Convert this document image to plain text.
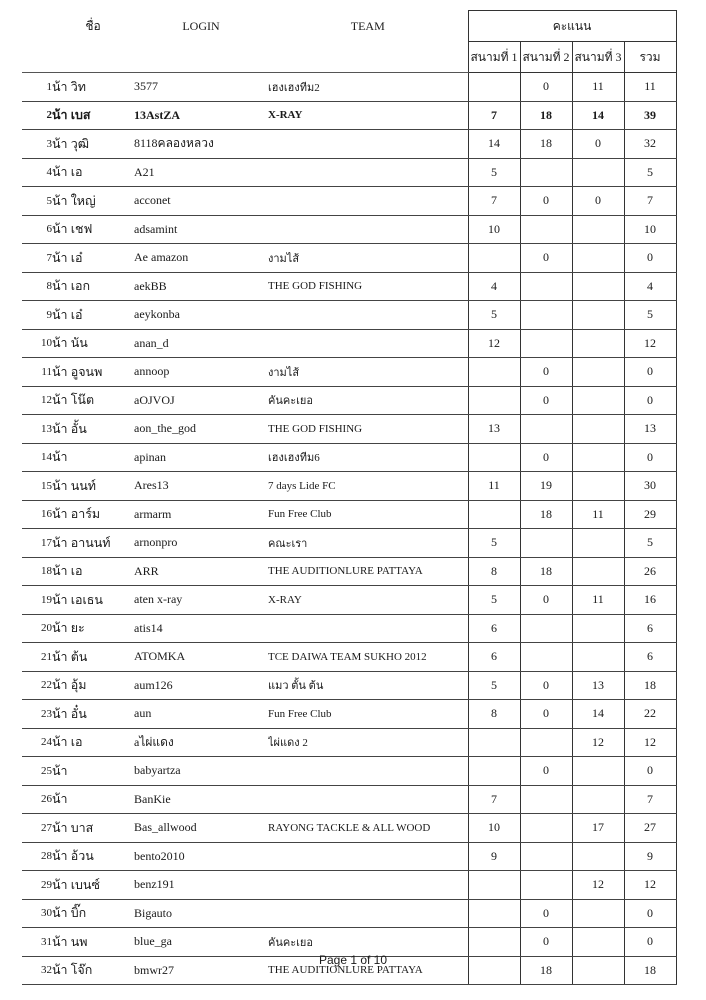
	ชื่อ	LOGIN	TEAM	คะแนน			
				สนามที่ 1	สนามที่ 2	สนามที่ 3	รวม
1	น้า วิท	3577	เฮงเฮงทีม2		0	11	11
2	น้า เบส	13AstZA	X-RAY	7	18	14	39
3	น้า วุฒิ	8118คลองหลวง		14	18	0	32
4	น้า เอ	A21		5			5
5	น้า ใหญ่	acconet		7	0	0	7
6	น้า เชฟ	adsamint		10			10
7	น้า เอ๋	Ae amazon	งามไส้		0		0
8	น้า เอก	aekBB	THE GOD FISHING	4			4
9	น้า เอ๋	aeykonba		5			5
10	น้า นัน	anan_d		12			12
11	น้า อูจนพ	annoop	งามไส้		0		0
12	น้า โน๊ต	aOJVOJ	คันคะเยอ		0		0
13	น้า อั้น	aon_the_god	THE GOD FISHING	13			13
14	น้า	apinan	เฮงเฮงทีม6		0		0
15	น้า นนท์	Ares13	7 days Lide FC	11	19		30
16	น้า อาร์ม	armarm	Fun Free Club		18	11	29
17	น้า อานนท์	arnonpro	คณะเรา	5			5
18	น้า เอ	ARR	THE AUDITIONLURE PATTAYA	8	18		26
19	น้า เอเธน	aten x-ray	X-RAY	5	0	11	16
20	น้า ยะ	atis14		6			6
21	น้า ต้น	ATOMKA	TCE DAIWA TEAM SUKHO 2012	6			6
22	น้า อุ้ม	aum126	แมว ตั้น ต้น	5	0	13	18
23	น้า อั๋น	aun	Fun Free Club	8	0	14	22
24	น้า เอ	aไผ่แดง	ไผ่แดง 2			12	12
25	น้า	babyartza			0		0
26	น้า	BanKie		7			7
27	น้า บาส	Bas_allwood	RAYONG TACKLE & ALL WOOD	10		17	27
28	น้า อ้วน	bento2010		9			9
29	น้า เบนซ์	benz191				12	12
30	น้า บิ๊ก	Bigauto			0		0
31	น้า นพ	blue_ga	คันคะเยอ		0		0
32	น้า โจ๊ก	bmwr27	THE AUDITIONLURE PATTAYA		18		18
Page 1 of 10
